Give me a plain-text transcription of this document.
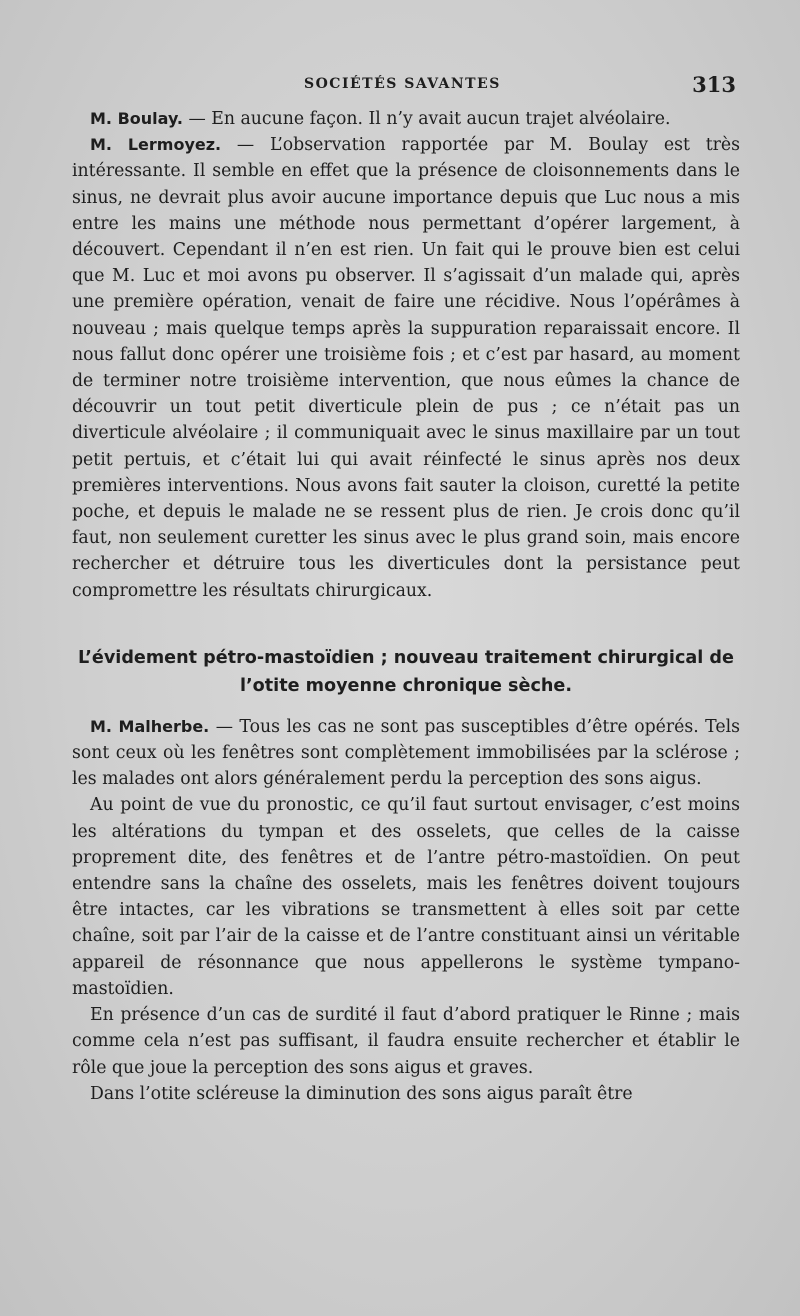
SOCIÉTÉS SAVANTES	313

M. Boulay. — En aucune façon. Il n’y avait aucun trajet alvéolaire.

M. Lermoyez. — L’observation rapportée par M. Boulay est très intéressante. Il semble en effet que la présence de cloisonnements dans le sinus, ne devrait plus avoir aucune importance depuis que Luc nous a mis entre les mains une méthode nous permettant d’opérer largement, à découvert. Cependant il n’en est rien. Un fait qui le prouve bien est celui que M. Luc et moi avons pu observer. Il s’agissait d’un malade qui, après une première opération, venait de faire une récidive. Nous l’opérâmes à nouveau ; mais quelque temps après la suppuration reparaissait encore. Il nous fallut donc opérer une troisième fois ; et c’est par hasard, au moment de terminer notre troisième intervention, que nous eûmes la chance de découvrir un tout petit diverticule plein de pus ; ce n’était pas un diverticule alvéolaire ; il communiquait avec le sinus maxillaire par un tout petit pertuis, et c’était lui qui avait réinfecté le sinus après nos deux premières interventions. Nous avons fait sauter la cloison, curetté la petite poche, et depuis le malade ne se ressent plus de rien. Je crois donc qu’il faut, non seulement curetter les sinus avec le plus grand soin, mais encore rechercher et détruire tous les diverticules dont la persistance peut compromettre les résultats chirurgicaux.

L’évidement pétro-mastoïdien ; nouveau traitement chirurgical de l’otite moyenne chronique sèche.

M. Malherbe. — Tous les cas ne sont pas susceptibles d’être opérés. Tels sont ceux où les fenêtres sont complètement immobilisées par la sclérose ; les malades ont alors généralement perdu la perception des sons aigus.

Au point de vue du pronostic, ce qu’il faut surtout envisager, c’est moins les altérations du tympan et des osselets, que celles de la caisse proprement dite, des fenêtres et de l’antre pétro-mastoïdien. On peut entendre sans la chaîne des osselets, mais les fenêtres doivent toujours être intactes, car les vibrations se transmettent à elles soit par cette chaîne, soit par l’air de la caisse et de l’antre constituant ainsi un véritable appareil de résonnance que nous appellerons le système tympano-mastoïdien.

En présence d’un cas de surdité il faut d’abord pratiquer le Rinne ; mais comme cela n’est pas suffisant, il faudra ensuite rechercher et établir le rôle que joue la perception des sons aigus et graves.

Dans l’otite scléreuse la diminution des sons aigus paraît être
